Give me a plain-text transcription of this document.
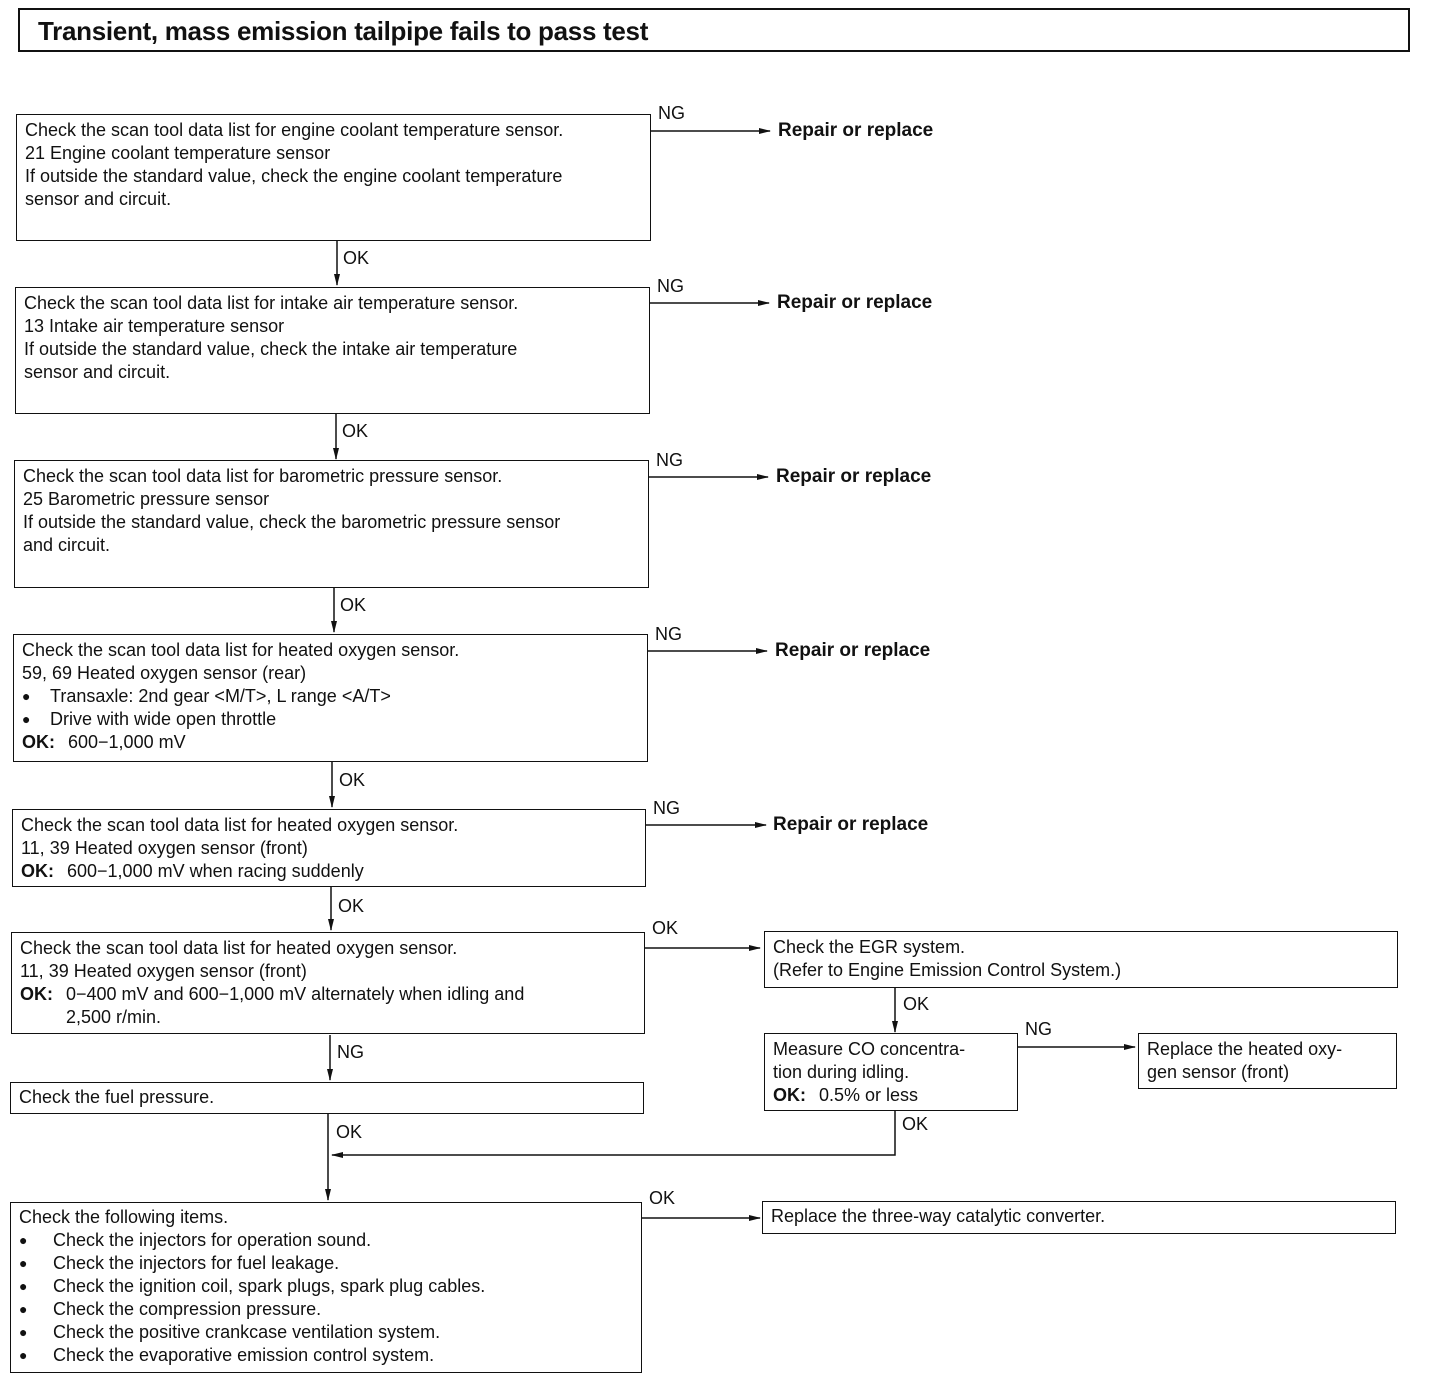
Transient, mass emission tailpipe fails to pass test
Check the scan tool data list for engine coolant temperature sensor.
21 Engine coolant temperature sensor
If outside the standard value, check the engine coolant temperature
sensor and circuit.
NG
Repair or replace
OK
Check the scan tool data list for intake air temperature sensor.
13 Intake air temperature sensor
If outside the standard value, check the intake air temperature
sensor and circuit.
NG
Repair or replace
OK
Check the scan tool data list for barometric pressure sensor.
25 Barometric pressure sensor
If outside the standard value, check the barometric pressure sensor
and circuit.
NG
Repair or replace
OK
Check the scan tool data list for heated oxygen sensor.
59, 69 Heated oxygen sensor (rear)
●	Transaxle: 2nd gear <M/T>, L range <A/T>
●	Drive with wide open throttle
OK: 600−1,000 mV
NG
Repair or replace
OK
Check the scan tool data list for heated oxygen sensor.
11, 39 Heated oxygen sensor (front)
OK: 600−1,000 mV when racing suddenly
NG
Repair or replace
OK
Check the scan tool data list for heated oxygen sensor.
11, 39 Heated oxygen sensor (front)
OK: 0−400 mV and 600−1,000 mV alternately when idling and
2,500 r/min.
OK
NG
Check the fuel pressure.
OK
Check the EGR system.
(Refer to Engine Emission Control System.)
OK
Measure CO concentra-
tion during idling.
OK: 0.5% or less
NG
OK
Replace the heated oxy-
gen sensor (front)
Check the following items.
●	Check the injectors for operation sound.
●	Check the injectors for fuel leakage.
●	Check the ignition coil, spark plugs, spark plug cables.
●	Check the compression pressure.
●	Check the positive crankcase ventilation system.
●	Check the evaporative emission control system.
OK
Replace the three-way catalytic converter.
